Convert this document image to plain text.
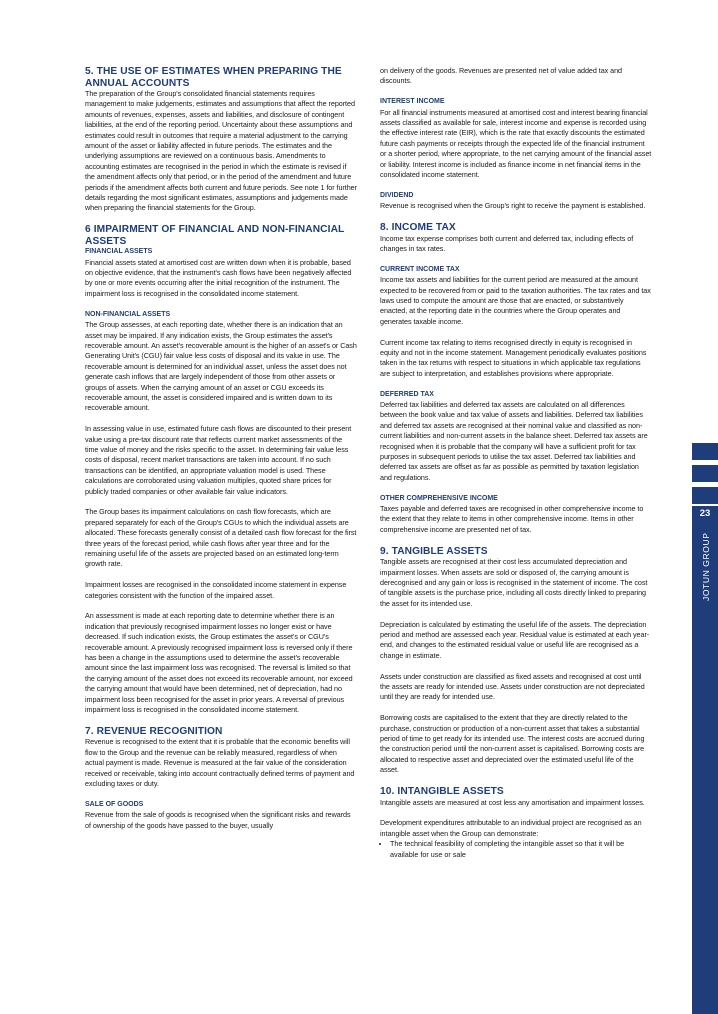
5. THE USE OF ESTIMATES WHEN PREPARING THE ANNUAL ACCOUNTS

The preparation of the Group's consolidated financial statements requires management to make judgements, estimates and assumptions that affect the reported amounts of revenues, expenses, assets and liabilities, and disclosure of contingent liabilities, at the end of the reporting period. Uncertainty about these assumptions and estimates could result in outcomes that require a material adjustment to the carrying amount of the asset or liability affected in future periods. The estimates and the underlying assumptions are reviewed on a continuous basis. Amendments to accounting estimates are recognised in the period in which the estimate is revised if the amendment affects only that period, or in the period of the amendment and future periods if the amendment affects both current and future periods. See note 1 for further details regarding the most significant estimates, assumptions and judgements made when preparing the financial statements for the Group.

6 IMPAIRMENT OF FINANCIAL AND NON-FINANCIAL ASSETS
FINANCIAL ASSETS

Financial assets stated at amortised cost are written down when it is probable, based on objective evidence, that the instrument's cash flows have been negatively affected by one or more events occurring after the initial recognition of the instrument. The impairment loss is recognised in the consolidated income statement.

NON-FINANCIAL ASSETS

The Group assesses, at each reporting date, whether there is an indication that an asset may be impaired. If any indication exists, the Group estimates the asset's recoverable amount. An asset's recoverable amount is the higher of an asset's or Cash Generating Unit's (CGU) fair value less costs of disposal and its value in use. The recoverable amount is determined for an individual asset, unless the asset does not generate cash inflows that are largely independent of those from other assets or groups of assets. When the carrying amount of an asset or CGU exceeds its recoverable amount, the asset is considered impaired and is written down to its recoverable amount.

In assessing value in use, estimated future cash flows are discounted to their present value using a pre-tax discount rate that reflects current market assessments of the time value of money and the risks specific to the asset. In determining fair value less costs of disposal, recent market transactions are taken into account. If no such transactions can be identified, an appropriate valuation model is used. These calculations are corroborated using valuation multiples, quoted share prices for publicly traded companies or other available fair value indicators.

The Group bases its impairment calculations on cash flow forecasts, which are prepared separately for each of the Group's CGUs to which the individual assets are allocated. These forecasts generally consist of a detailed cash flow forecast for the first three years of the forecast period, while cash flows after year three and for the remaining useful life of the assets are projected based on an estimated long-term growth rate.

Impairment losses are recognised in the consolidated income statement in expense categories consistent with the function of the impaired asset.

An assessment is made at each reporting date to determine whether there is an indication that previously recognised impairment losses no longer exist or have decreased. If such indication exists, the Group estimates the asset's or CGU's recoverable amount. A previously recognised impairment loss is reversed only if there has been a change in the assumptions used to determine the asset's recoverable amount since the last impairment loss was recognised. The reversal is limited so that the carrying amount of the asset does not exceed its recoverable amount, nor exceed the carrying amount that would have been determined, net of depreciation, had no impairment loss been recognised for the asset in prior years. A reversal of previous impairment loss is recognised in the consolidated income statement.

7. REVENUE RECOGNITION

Revenue is recognised to the extent that it is probable that the economic benefits will flow to the Group and the revenue can be reliably measured, regardless of when actual payment is made. Revenue is measured at the fair value of the consideration received or receivable, taking into account contractually defined terms of payment and excluding taxes or duty.

SALE OF GOODS

Revenue from the sale of goods is recognised when the significant risks and rewards of ownership of the goods have passed to the buyer, usually

on delivery of the goods. Revenues are presented net of value added tax and discounts.

INTEREST INCOME

For all financial instruments measured at amortised cost and interest bearing financial assets classified as available for sale, interest income and expense is recorded using the effective interest rate (EIR), which is the rate that exactly discounts the estimated future cash payments or receipts through the expected life of the financial instrument or a shorter period, where appropriate, to the net carrying amount of the financial asset or liability. Interest income is included as finance income in net financial items in the consolidated income statement.

DIVIDEND

Revenue is recognised when the Group's right to receive the payment is established.

8. INCOME TAX

Income tax expense comprises both current and deferred tax, including effects of changes in tax rates.

CURRENT INCOME TAX

Income tax assets and liabilities for the current period are measured at the amount expected to be recovered from or paid to the taxation authorities. The tax rates and tax laws used to compute the amount are those that are enacted, or substantively enacted, at the reporting date in the countries where the Group operates and generates taxable income.

Current income tax relating to items recognised directly in equity is recognised in equity and not in the income statement. Management periodically evaluates positions taken in the tax returns with respect to situations in which applicable tax regulations are subject to interpretation, and establishes provisions where appropriate.

DEFERRED TAX

Deferred tax liabilities and deferred tax assets are calculated on all differences between the book value and tax value of assets and liabilities. Deferred tax liabilities and deferred tax assets are recognised at their nominal value and classified as non-current liabilities and non-current assets in the balance sheet. Deferred tax assets are recognised when it is probable that the company will have a sufficient profit for tax purposes in subsequent periods to utilise the tax asset. Deferred tax liabilities and deferred tax assets are offset as far as possible as permitted by taxation legislation and regulations.

OTHER COMPREHENSIVE INCOME

Taxes payable and deferred taxes are recognised in other comprehensive income to the extent that they relate to items in other comprehensive income. Items in other comprehensive income are presented net of tax.

9. TANGIBLE ASSETS

Tangible assets are recognised at their cost less accumulated depreciation and impairment losses. When assets are sold or disposed of, the carrying amount is derecognised and any gain or loss is recognised in the statement of income. The cost of tangible assets is the purchase price, including all costs directly linked to preparing the asset for its intended use.

Depreciation is calculated by estimating the useful life of the assets. The depreciation period and method are assessed each year. Residual value is estimated at each year-end, and changes to the estimated residual value or useful life are recognised as a change in estimate.

Assets under construction are classified as fixed assets and recognised at cost until the assets are ready for intended use. Assets under construction are not depreciated until they are ready for intended use.

Borrowing costs are capitalised to the extent that they are directly related to the purchase, construction or production of a non-current asset that takes a substantial period of time to get ready for its intended use. The interest costs are accrued during the construction period until the non-current asset is capitalised. Borrowing costs are allocated to respective asset and depreciated over the estimated useful life of the asset.

10. INTANGIBLE ASSETS

Intangible assets are measured at cost less any amortisation and impairment losses.

Development expenditures attributable to an individual project are recognised as an intangible asset when the Group can demonstrate:

• The technical feasibility of completing the intangible asset so that it will be available for use or sale
23
JOTUN GROUP
